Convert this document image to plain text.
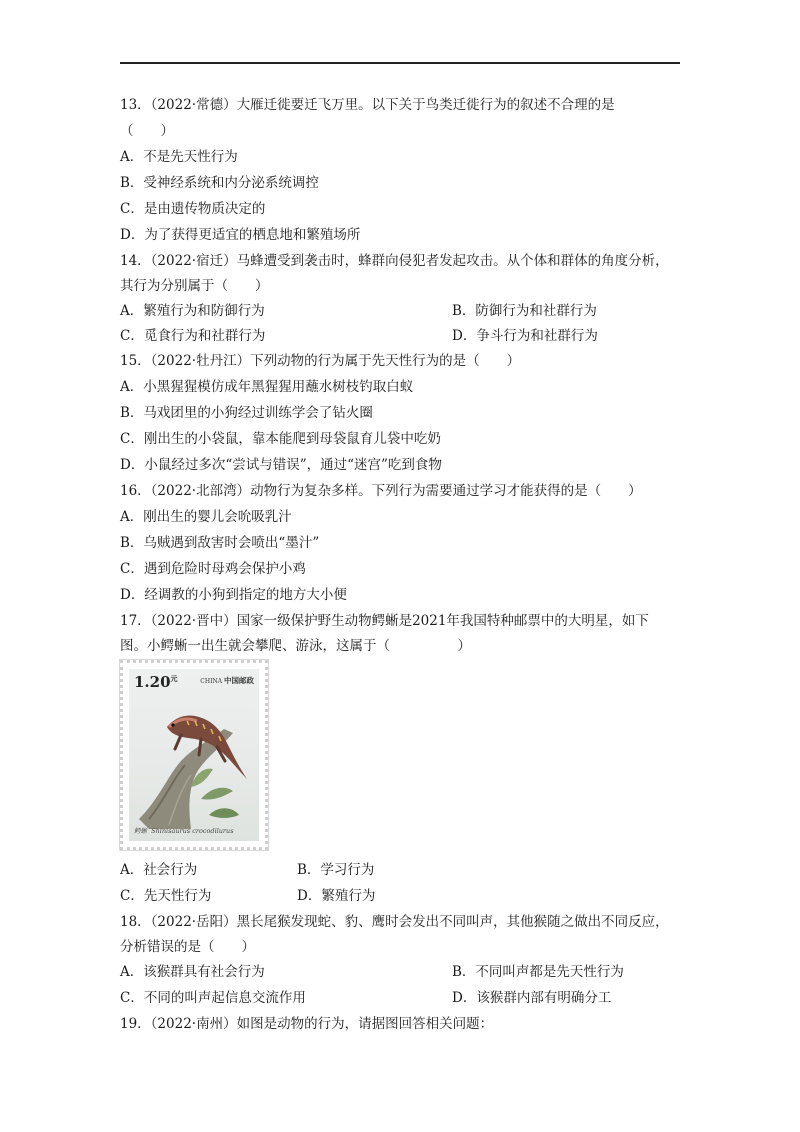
13．（2022·常德）大雁迁徙要迁飞万里。以下关于鸟类迁徙行为的叙述不合理的是
（　　）
A．不是先天性行为
B．受神经系统和内分泌系统调控
C．是由遗传物质决定的
D．为了获得更适宜的栖息地和繁殖场所
14．（2022·宿迁）马蜂遭受到袭击时，蜂群向侵犯者发起攻击。从个体和群体的角度分析，
其行为分别属于（　　）
A．繁殖行为和防御行为	B．防御行为和社群行为
C．觅食行为和社群行为	D．争斗行为和社群行为
15．（2022·牡丹江）下列动物的行为属于先天性行为的是（　　）
A．小黑猩猩模仿成年黑猩猩用蘸水树枝钓取白蚁
B．马戏团里的小狗经过训练学会了钻火圈
C．刚出生的小袋鼠，靠本能爬到母袋鼠育儿袋中吃奶
D．小鼠经过多次“尝试与错误”，通过“迷宫”吃到食物
16．（2022·北部湾）动物行为复杂多样。下列行为需要通过学习才能获得的是（　　）
A．刚出生的婴儿会吮吸乳汁
B．乌贼遇到敌害时会喷出“墨汁”
C．遇到危险时母鸡会保护小鸡
D．经调教的小狗到指定的地方大小便
17．（2022·晋中）国家一级保护野生动物鳄蜥是2021年我国特种邮票中的大明星，如下
图。小鳄蜥一出生就会攀爬、游泳，这属于（　　　　　）
$1.20^元$	CHINA 中国邮政
鳄蜥 Shinisaurus crocodilurus
A．社会行为	B．学习行为
C．先天性行为	D．繁殖行为
18．（2022·岳阳）黑长尾猴发现蛇、豹、鹰时会发出不同叫声，其他猴随之做出不同反应，
分析错误的是（　　）
A．该猴群具有社会行为	B．不同叫声都是先天性行为
C．不同的叫声起信息交流作用	D．该猴群内部有明确分工
19．（2022·南州）如图是动物的行为，请据图回答相关问题：
